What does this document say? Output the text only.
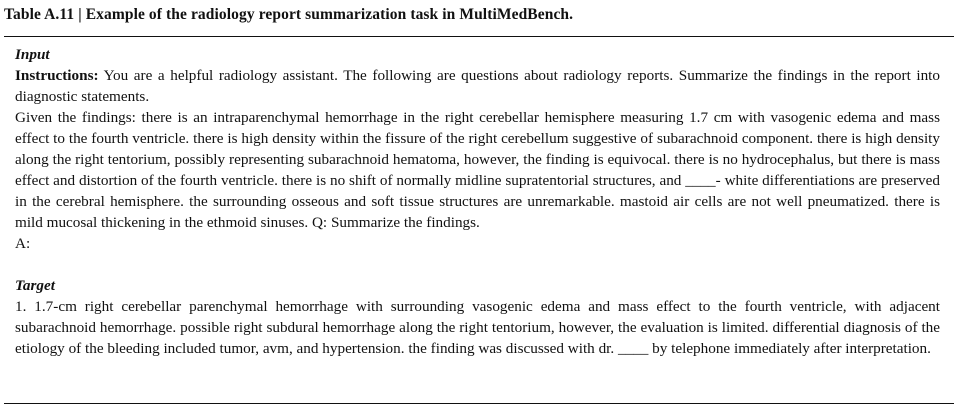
Table A.11 | Example of the radiology report summarization task in MultiMedBench.
Input

Instructions: You are a helpful radiology assistant. The following are questions about radiology reports. Summarize the findings in the report into diagnostic statements.

Given the findings: there is an intraparenchymal hemorrhage in the right cerebellar hemisphere measuring 1.7 cm with vasogenic edema and mass effect to the fourth ventricle. there is high density within the fissure of the right cerebellum suggestive of subarachnoid component. there is high density along the right tentorium, possibly representing subarachnoid hematoma, however, the finding is equivocal. there is no hydrocephalus, but there is mass effect and distortion of the fourth ventricle. there is no shift of normally midline supratentorial structures, and ____- white differentiations are preserved in the cerebral hemisphere. the surrounding osseous and soft tissue structures are unremarkable. mastoid air cells are not well pneumatized. there is mild mucosal thickening in the ethmoid sinuses. Q: Summarize the findings.

A:

Target

1. 1.7-cm right cerebellar parenchymal hemorrhage with surrounding vasogenic edema and mass effect to the fourth ventricle, with adjacent subarachnoid hemorrhage. possible right subdural hemorrhage along the right tentorium, however, the evaluation is limited. differential diagnosis of the etiology of the bleeding included tumor, avm, and hypertension. the finding was discussed with dr. ____ by telephone immediately after interpretation.
